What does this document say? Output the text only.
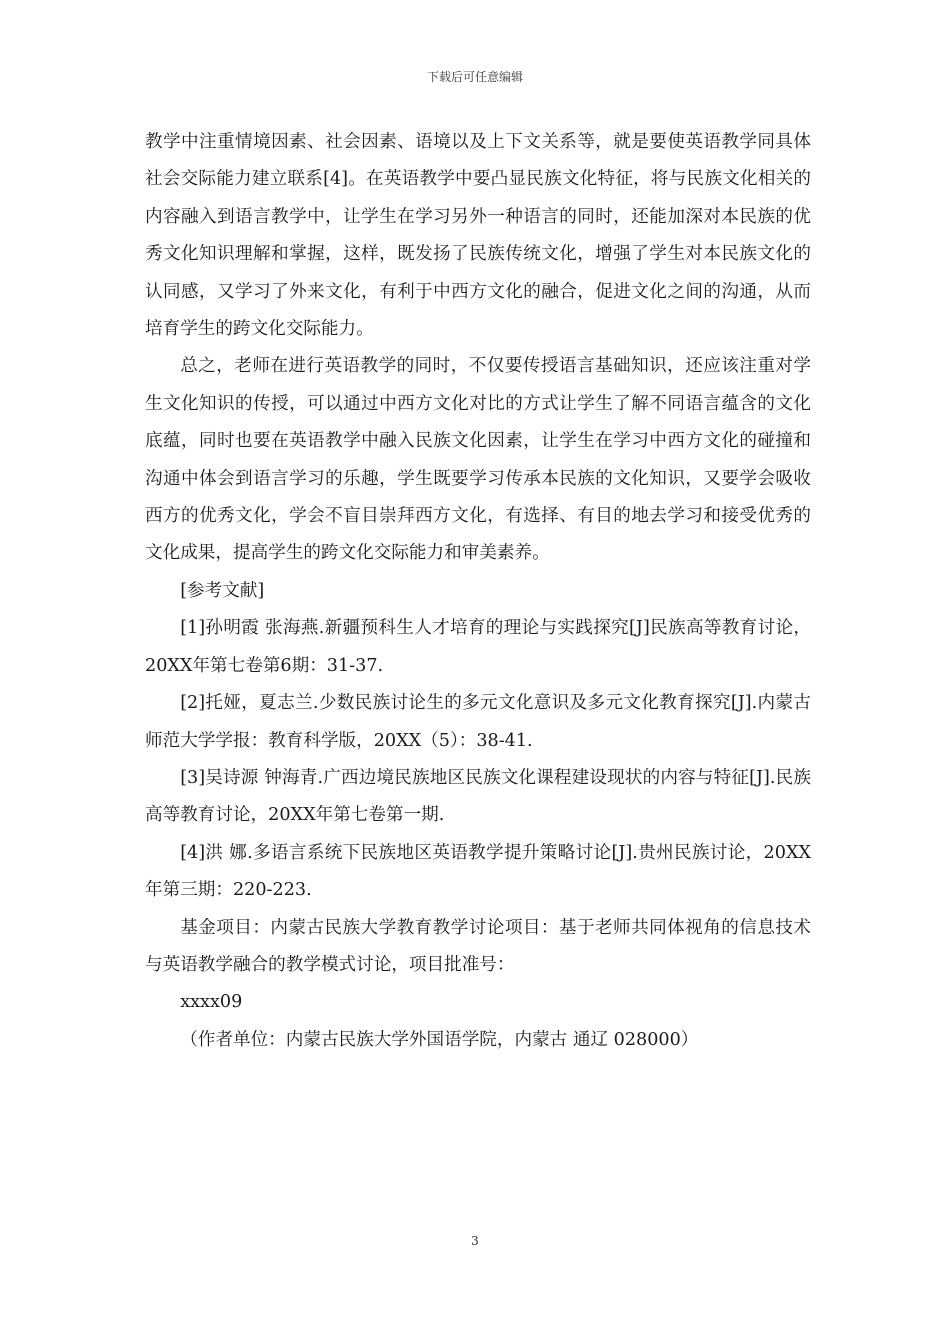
下载后可任意编辑

教学中注重情境因素、社会因素、语境以及上下文关系等，就是要使英语教学同具体社会交际能力建立联系[4]。在英语教学中要凸显民族文化特征，将与民族文化相关的内容融入到语言教学中，让学生在学习另外一种语言的同时，还能加深对本民族的优秀文化知识理解和掌握，这样，既发扬了民族传统文化，增强了学生对本民族文化的认同感，又学习了外来文化，有利于中西方文化的融合，促进文化之间的沟通，从而培育学生的跨文化交际能力。

总之，老师在进行英语教学的同时，不仅要传授语言基础知识，还应该注重对学生文化知识的传授，可以通过中西方文化对比的方式让学生了解不同语言蕴含的文化底蕴，同时也要在英语教学中融入民族文化因素，让学生在学习中西方文化的碰撞和沟通中体会到语言学习的乐趣，学生既要学习传承本民族的文化知识，又要学会吸收西方的优秀文化，学会不盲目崇拜西方文化，有选择、有目的地去学习和接受优秀的文化成果，提高学生的跨文化交际能力和审美素养。

[参考文献]

[1]孙明霞 张海燕.新疆预科生人才培育的理论与实践探究[J]民族高等教育讨论，20XX年第七卷第6期：31-37.

[2]托娅，夏志兰.少数民族讨论生的多元文化意识及多元文化教育探究[J].内蒙古师范大学学报：教育科学版，20XX（5）：38-41.

[3]吴诗源 钟海青.广西边境民族地区民族文化课程建设现状的内容与特征[J].民族高等教育讨论，20XX年第七卷第一期.

[4]洪 娜.多语言系统下民族地区英语教学提升策略讨论[J].贵州民族讨论，20XX年第三期：220-223.

基金项目：内蒙古民族大学教育教学讨论项目：基于老师共同体视角的信息技术与英语教学融合的教学模式讨论，项目批准号：

xxxx09

（作者单位：内蒙古民族大学外国语学院，内蒙古 通辽 028000）

3
